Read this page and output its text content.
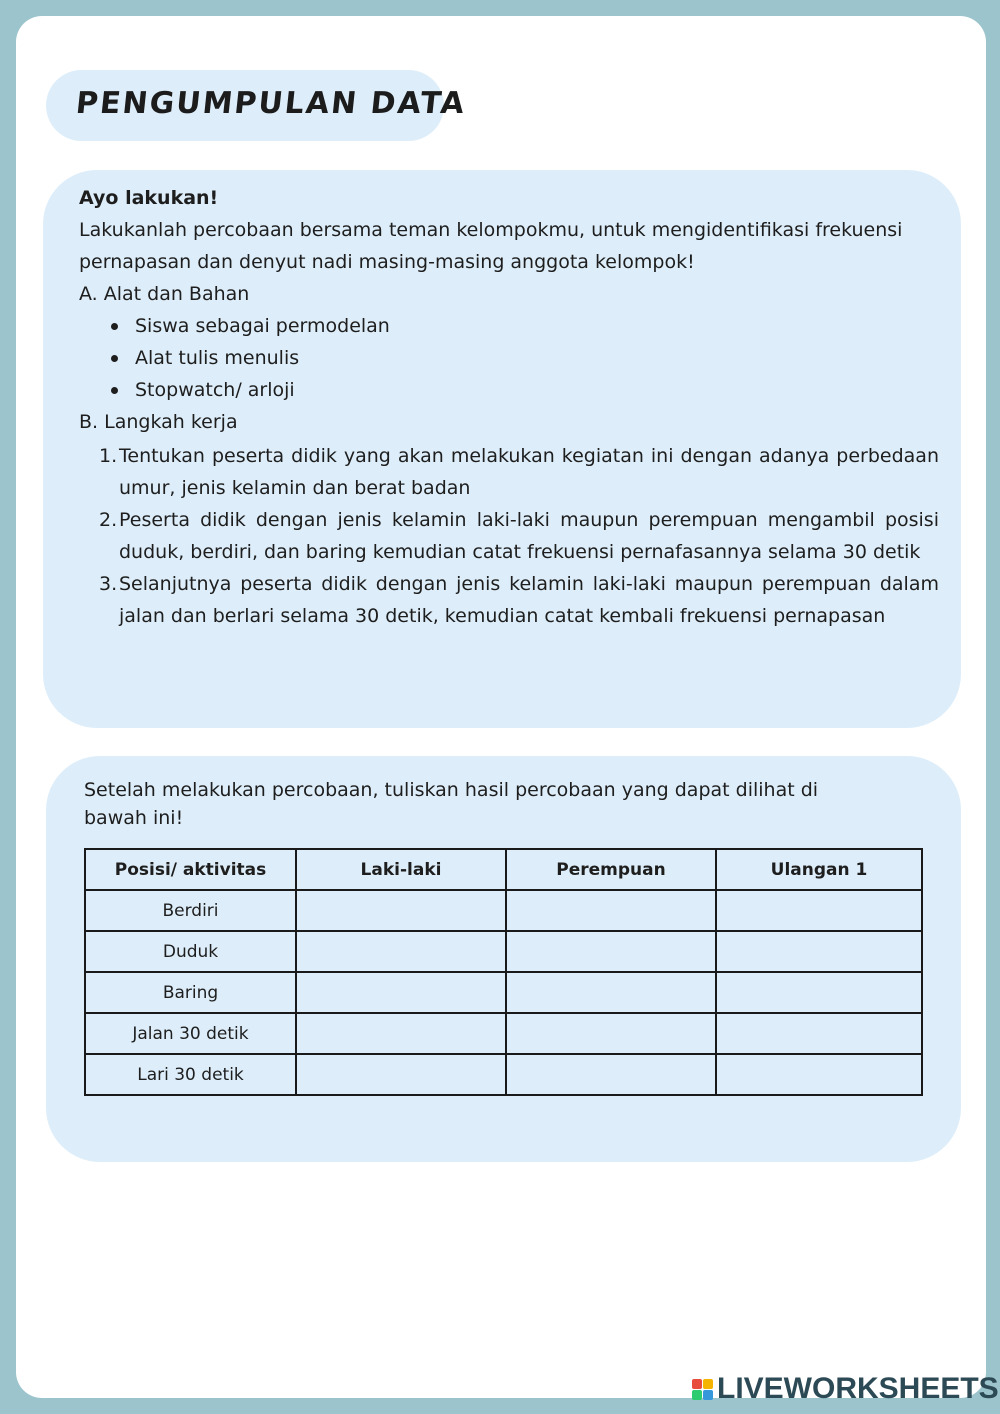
PENGUMPULAN DATA

Ayo lakukan!

Lakukanlah percobaan bersama teman kelompokmu, untuk mengidentifikasi frekuensi pernapasan dan denyut nadi masing-masing anggota kelompok!

A. Alat dan Bahan

Siswa sebagai permodelan
Alat tulis menulis
Stopwatch/ arloji

B. Langkah kerja

1. Tentukan peserta didik yang akan melakukan kegiatan ini dengan adanya perbedaan umur, jenis kelamin dan berat badan
2. Peserta didik dengan jenis kelamin laki-laki maupun perempuan mengambil posisi duduk, berdiri, dan baring kemudian catat frekuensi pernafasannya selama 30 detik
3. Selanjutnya peserta didik dengan jenis kelamin laki-laki maupun perempuan dalam jalan dan berlari selama 30 detik, kemudian catat kembali frekuensi pernapasan
Setelah melakukan percobaan, tuliskan hasil percobaan yang dapat dilihat di bawah ini!
Posisi/ aktivitas	Laki-laki	Perempuan	Ulangan 1
Berdiri			
Duduk			
Baring			
Jalan 30 detik			
Lari 30 detik			
LIVEWORKSHEETS
